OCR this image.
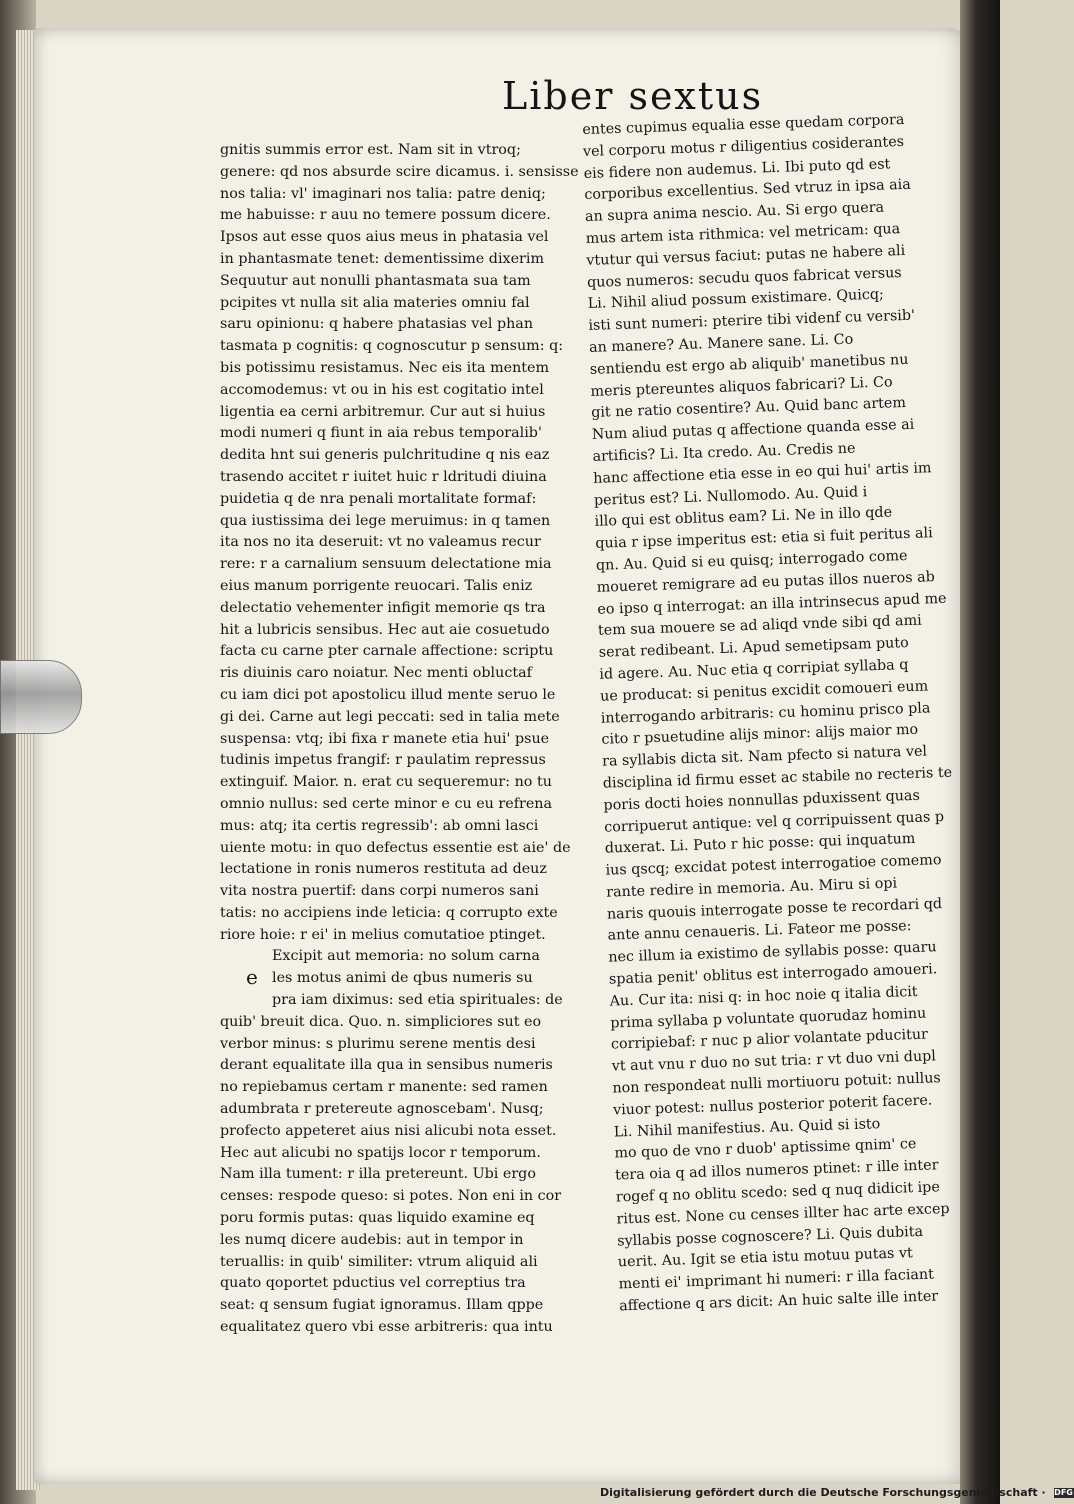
Liber sextus
gnitis summis error est. Nam sit in vtroq;
genere: qd nos absurde scire dicamus. i. sensisse
nos talia: vl' imaginari nos talia: patre deniq;
me habuisse: r auu no temere possum dicere.
Ipsos aut esse quos aius meus in phatasia vel
in phantasmate tenet: dementissime dixerim
Sequutur aut nonulli phantasmata sua tam
pcipites vt nulla sit alia materies omniu fal
saru opinionu: q habere phatasias vel phan
tasmata p cognitis: q cognoscutur p sensum: q:
bis potissimu resistamus. Nec eis ita mentem
accomodemus: vt ou in his est cogitatio intel
ligentia ea cerni arbitremur. Cur aut si huius
modi numeri q fiunt in aia rebus temporalib'
dedita hnt sui generis pulchritudine q nis eaz
trasendo accitet r iuitet huic r ldritudi diuina
puidetia q de nra penali mortalitate formaf:
qua iustissima dei lege meruimus: in q tamen
ita nos no ita deseruit: vt no valeamus recur
rere: r a carnalium sensuum delectatione mia
eius manum porrigente reuocari. Talis eniz
delectatio vehementer infigit memorie qs tra
hit a lubricis sensibus. Hec aut aie cosuetudo
facta cu carne pter carnale affectione: scriptu
ris diuinis caro noiatur. Nec menti obluctaf
cu iam dici pot apostolicu illud mente seruo le
gi dei. Carne aut legi peccati: sed in talia mete
suspensa: vtq; ibi fixa r manete etia hui' psue
tudinis impetus frangif: r paulatim repressus
extinguif. Maior. n. erat cu sequeremur: no tu
omnio nullus: sed certe minor e cu eu refrena
mus: atq; ita certis regressib': ab omni lasci
uiente motu: in quo defectus essentie est aie' de
lectatione in ronis numeros restituta ad deuz
vita nostra puertif: dans corpi numeros sani
tatis: no accipiens inde leticia: q corrupto exte
riore hoie: r ei' in melius comutatioe ptinget.
Excipit aut memoria: no solum carna
les motus animi de qbus numeris su
pra iam diximus: sed etia spirituales: de
quib' breuit dica. Quo. n. simpliciores sut eo
verbor minus: s plurimu serene mentis desi
derant equalitate illa qua in sensibus numeris
no repiebamus certam r manente: sed ramen
adumbrata r pretereute agnoscebam'. Nusq;
profecto appeteret aius nisi alicubi nota esset.
Hec aut alicubi no spatijs locor r temporum.
Nam illa tument: r illa pretereunt. Ubi ergo
censes: respode queso: si potes. Non eni in cor
poru formis putas: quas liquido examine eq
les numq dicere audebis: aut in tempor in
teruallis: in quib' similiter: vtrum aliquid ali
quato qoportet pductius vel correptius tra
seat: q sensum fugiat ignoramus. Illam qppe
equalitatez quero vbi esse arbitreris: qua intu
entes cupimus equalia esse quedam corpora
vel corporu motus r diligentius cosiderantes
eis fidere non audemus. Li. Ibi puto qd est
corporibus excellentius. Sed vtruz in ipsa aia
an supra anima nescio. Au. Si ergo quera
mus artem ista rithmica: vel metricam: qua
vtutur qui versus faciut: putas ne habere ali
quos numeros: secudu quos fabricat versus
Li. Nihil aliud possum existimare. Quicq;
isti sunt numeri: pterire tibi videnf cu versib'
an manere? Au. Manere sane. Li. Co
sentiendu est ergo ab aliquib' manetibus nu
meris ptereuntes aliquos fabricari? Li. Co
git ne ratio cosentire? Au. Quid banc artem
Num aliud putas q affectione quanda esse ai
artificis? Li. Ita credo. Au. Credis ne
hanc affectione etia esse in eo qui hui' artis im
peritus est? Li. Nullomodo. Au. Quid i
illo qui est oblitus eam? Li. Ne in illo qde
quia r ipse imperitus est: etia si fuit peritus ali
qn. Au. Quid si eu quisq; interrogado come
moueret remigrare ad eu putas illos nueros ab
eo ipso q interrogat: an illa intrinsecus apud me
tem sua mouere se ad aliqd vnde sibi qd ami
serat redibeant. Li. Apud semetipsam puto
id agere. Au. Nuc etia q corripiat syllaba q
ue producat: si penitus excidit comoueri eum
interrogando arbitraris: cu hominu prisco pla
cito r psuetudine alijs minor: alijs maior mo
ra syllabis dicta sit. Nam pfecto si natura vel
disciplina id firmu esset ac stabile no recteris te
poris docti hoies nonnullas pduxissent quas
corripuerut antique: vel q corripuissent quas p
duxerat. Li. Puto r hic posse: qui inquatum
ius qscq; excidat potest interrogatioe comemo
rante redire in memoria. Au. Miru si opi
naris quouis interrogate posse te recordari qd
ante annu cenaueris. Li. Fateor me posse:
nec illum ia existimo de syllabis posse: quaru
spatia penit' oblitus est interrogado amoueri.
Au. Cur ita: nisi q: in hoc noie q italia dicit
prima syllaba p voluntate quorudaz hominu
corripiebaf: r nuc p alior volantate pducitur
vt aut vnu r duo no sut tria: r vt duo vni dupl
non respondeat nulli mortiuoru potuit: nullus
viuor potest: nullus posterior poterit facere.
Li. Nihil manifestius. Au. Quid si isto
mo quo de vno r duob' aptissime qnim' ce
tera oia q ad illos numeros ptinet: r ille inter
rogef q no oblitu scedo: sed q nuq didicit ipe
ritus est. None cu censes illter hac arte excep
syllabis posse cognoscere? Li. Quis dubita
uerit. Au. Igit se etia istu motuu putas vt
menti ei' imprimant hi numeri: r illa faciant
affectione q ars dicit: An huic salte ille inter
Digitalisierung gefördert durch die Deutsche Forschungsgemeinschaft · DFG
e
